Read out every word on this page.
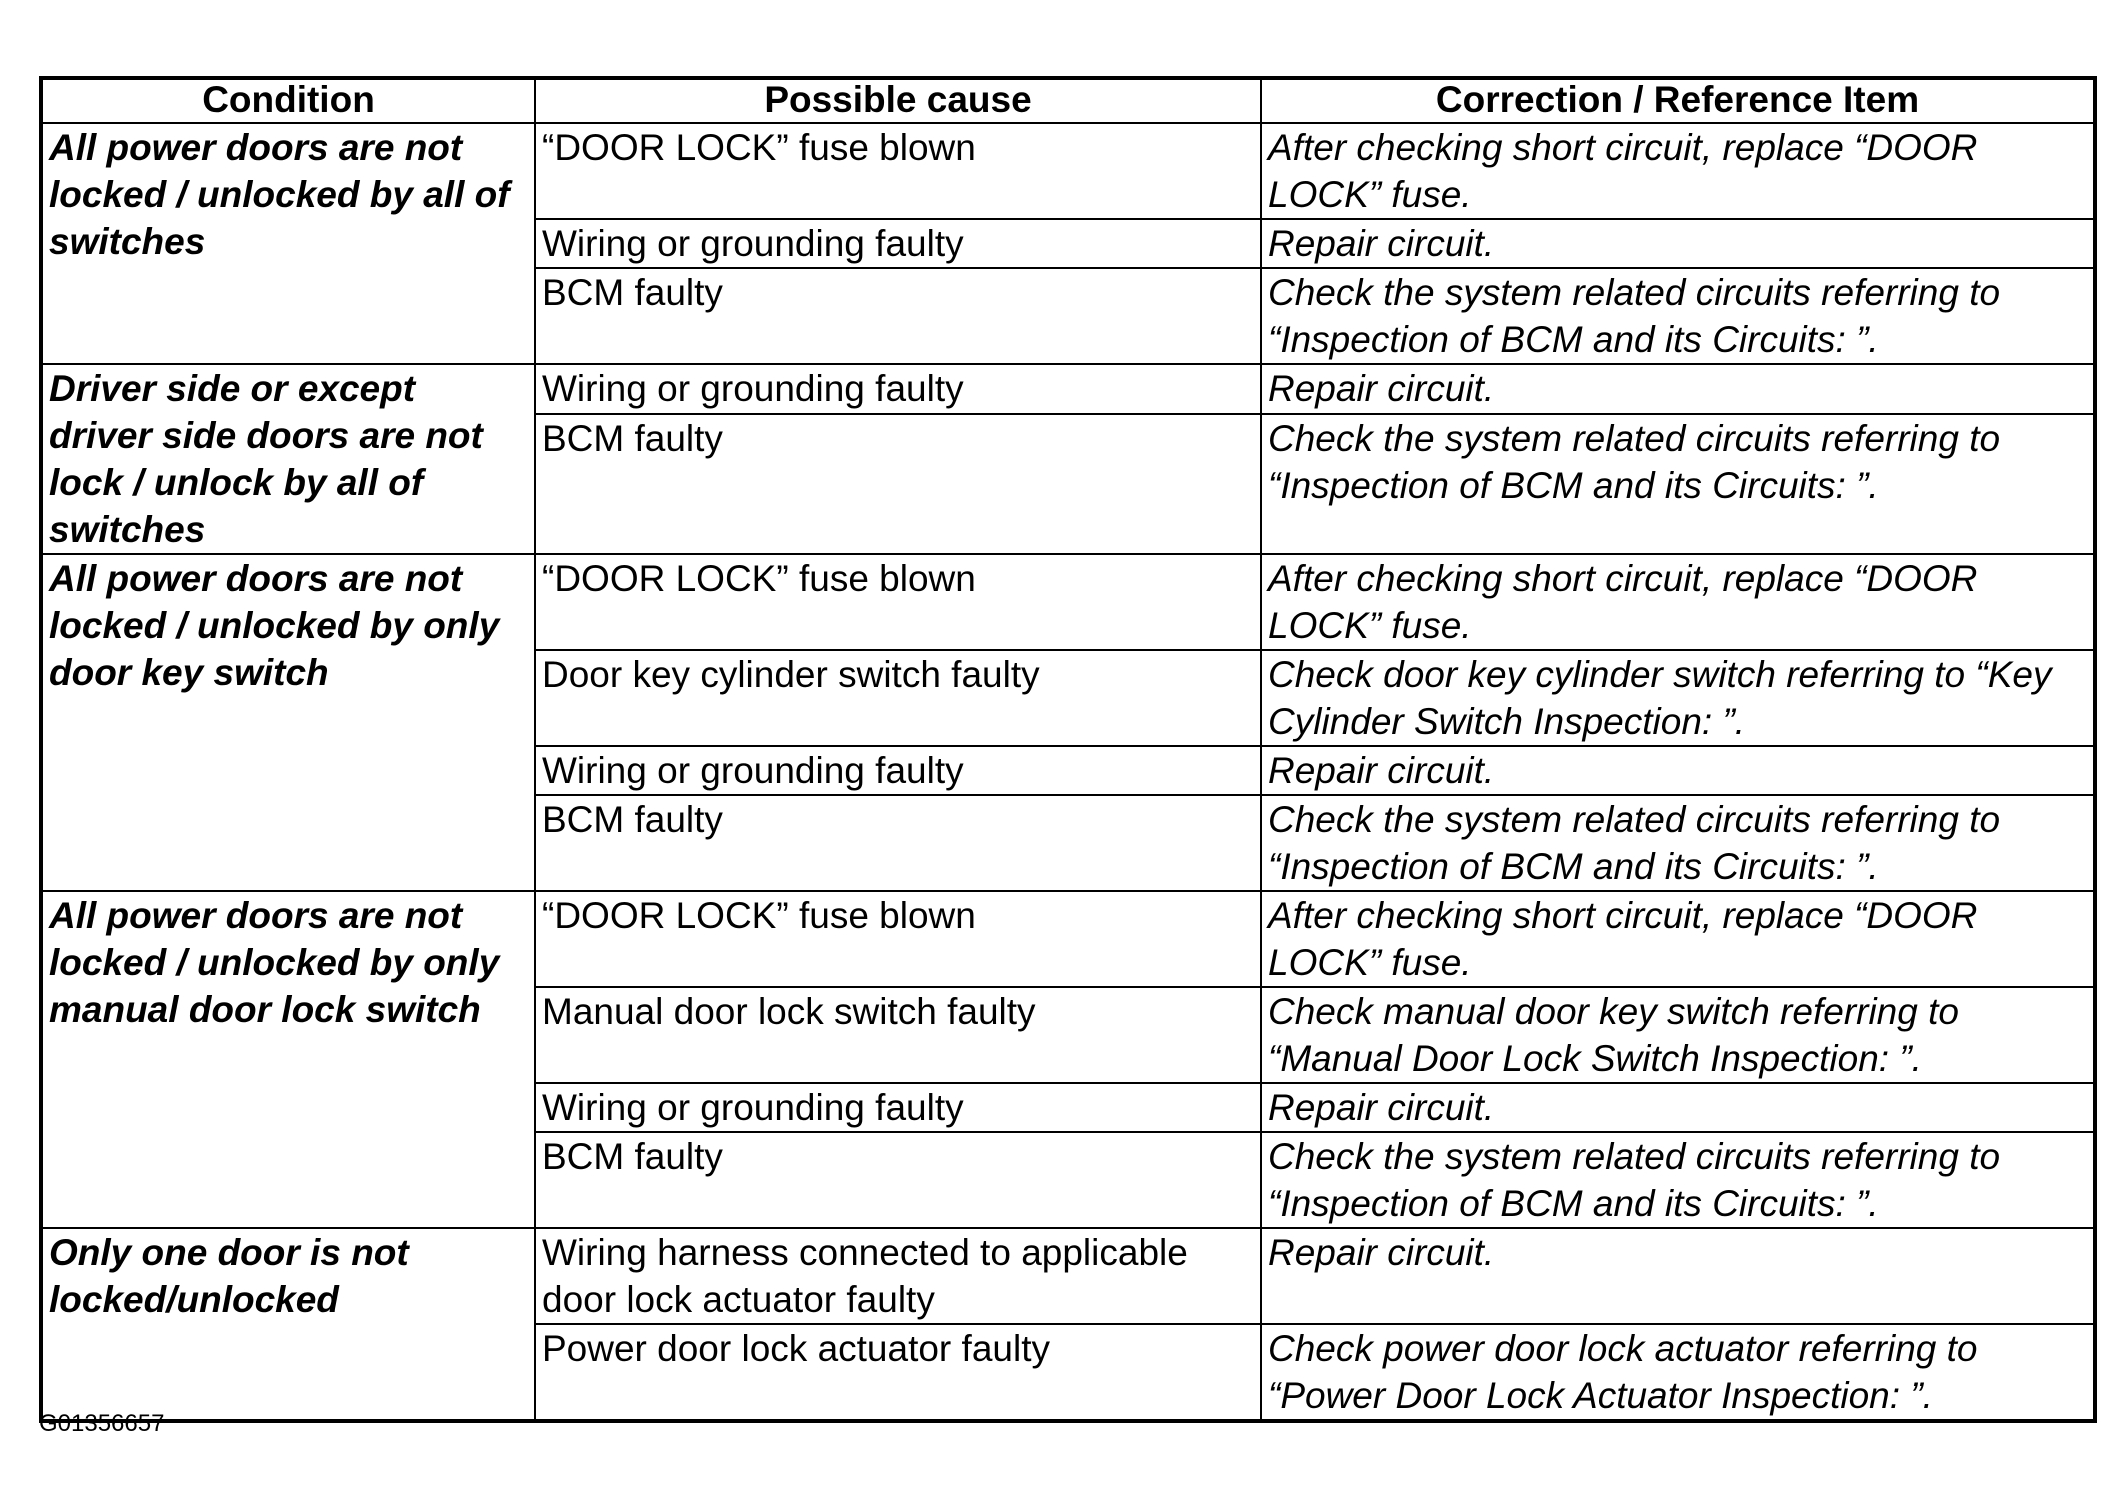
Condition	Possible cause	Correction / Reference Item
All power doors are not locked / unlocked by all of switches	“DOOR LOCK” fuse blown	After checking short circuit, replace “DOOR LOCK” fuse.
	Wiring or grounding faulty	Repair circuit.
	BCM faulty	Check the system related circuits referring to “Inspection of BCM and its Circuits: ”.
Driver side or except driver side doors are not lock / unlock by all of switches	Wiring or grounding faulty	Repair circuit.
	BCM faulty	Check the system related circuits referring to “Inspection of BCM and its Circuits: ”.
All power doors are not locked / unlocked by only door key switch	“DOOR LOCK” fuse blown	After checking short circuit, replace “DOOR LOCK” fuse.
	Door key cylinder switch faulty	Check door key cylinder switch referring to “Key Cylinder Switch Inspection: ”.
	Wiring or grounding faulty	Repair circuit.
	BCM faulty	Check the system related circuits referring to “Inspection of BCM and its Circuits: ”.
All power doors are not locked / unlocked by only manual door lock switch	“DOOR LOCK” fuse blown	After checking short circuit, replace “DOOR LOCK” fuse.
	Manual door lock switch faulty	Check manual door key switch referring to “Manual Door Lock Switch Inspection: ”.
	Wiring or grounding faulty	Repair circuit.
	BCM faulty	Check the system related circuits referring to “Inspection of BCM and its Circuits: ”.
Only one door is not locked/unlocked	Wiring harness connected to applicable door lock actuator faulty	Repair circuit.
	Power door lock actuator faulty	Check power door lock actuator referring to “Power Door Lock Actuator Inspection: ”.
G01356657
